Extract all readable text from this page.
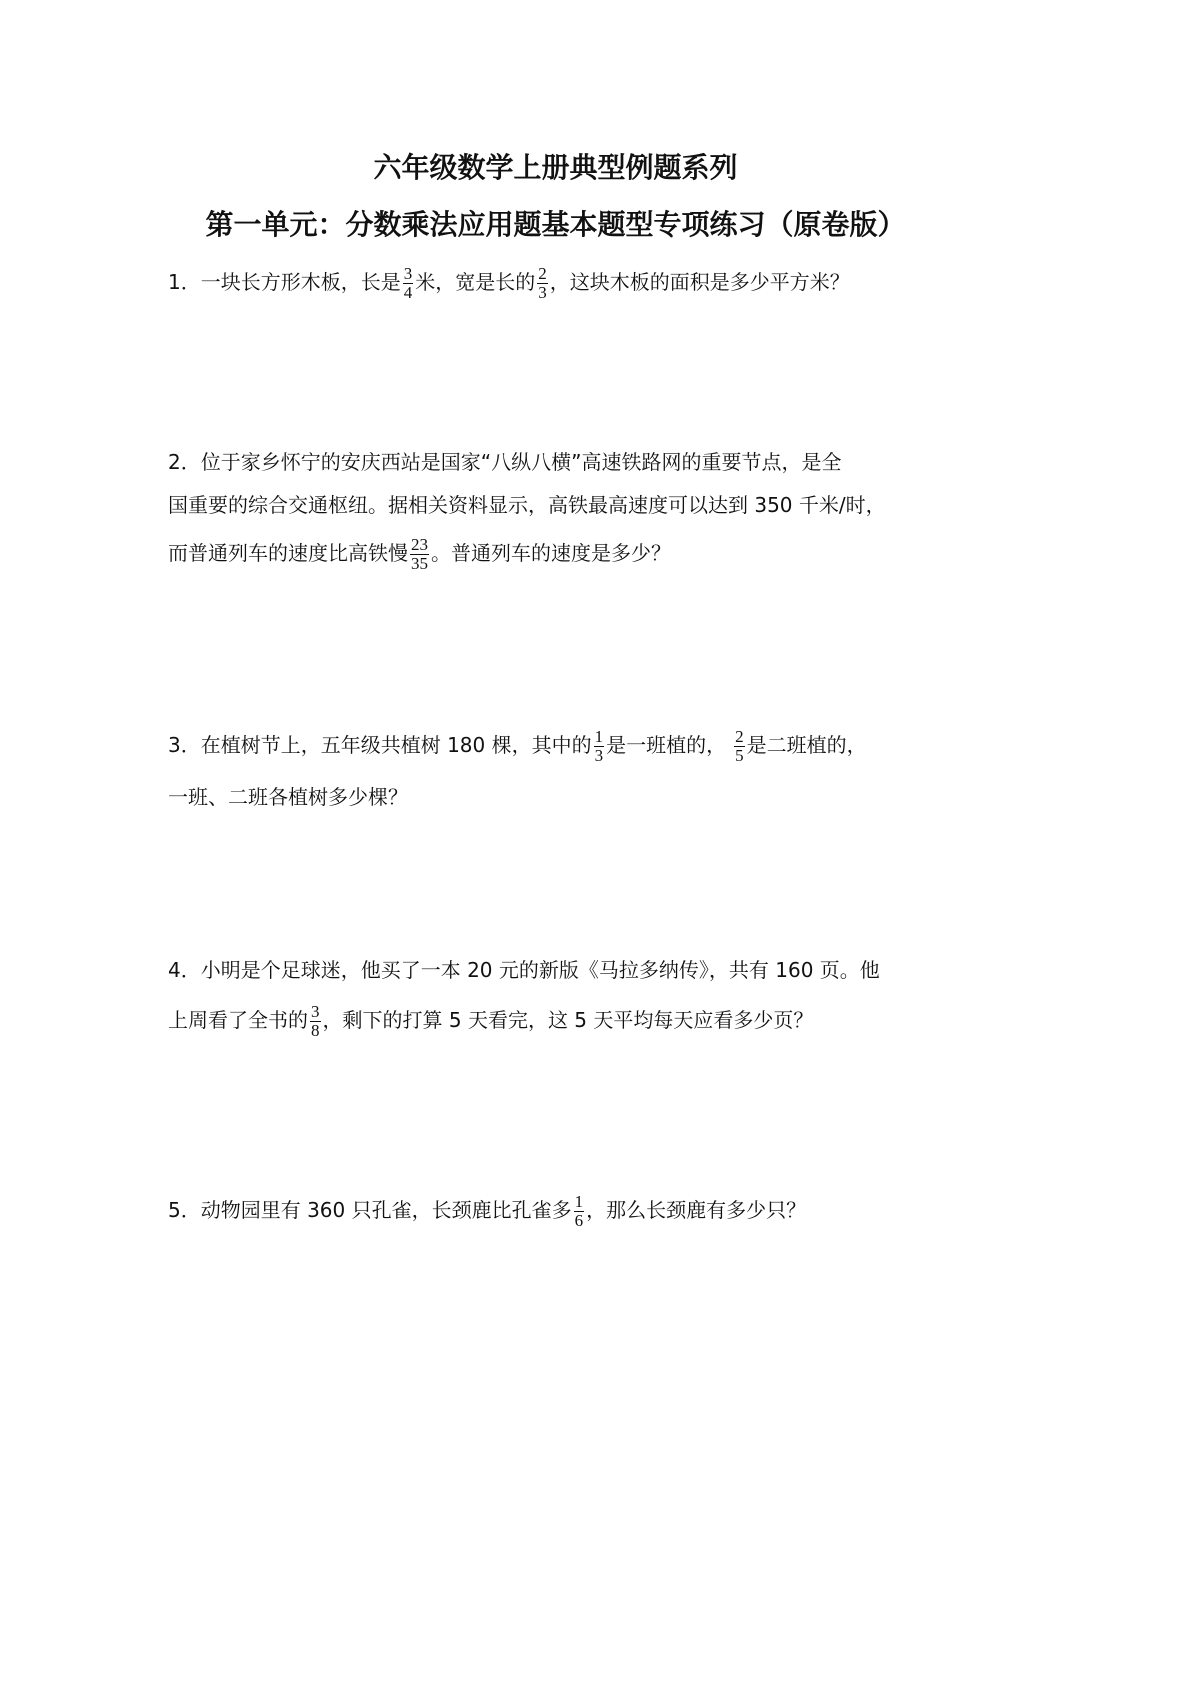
六年级数学上册典型例题系列
第一单元：分数乘法应用题基本题型专项练习（原卷版）
1．一块长方形木板，长是 $\frac{3}{4}$ 米，宽是长的 $\frac{2}{3}$ ，这块木板的面积是多少平方米？
2．位于家乡怀宁的安庆西站是国家“八纵八横”高速铁路网的重要节点，是全
国重要的综合交通枢纽。据相关资料显示，高铁最高速度可以达到 350 千米/时，
而普通列车的速度比高铁慢 $\frac{23}{35}$ 。普通列车的速度是多少？
3．在植树节上，五年级共植树 180 棵，其中的 $\frac{1}{3}$ 是一班植的， $\frac{2}{5}$ 是二班植的，
一班、二班各植树多少棵？
4．小明是个足球迷，他买了一本 20 元的新版《马拉多纳传》，共有 160 页。他
上周看了全书的 $\frac{3}{8}$ ，剩下的打算 5 天看完，这 5 天平均每天应看多少页？
5．动物园里有 360 只孔雀，长颈鹿比孔雀多 $\frac{1}{6}$ ，那么长颈鹿有多少只？
